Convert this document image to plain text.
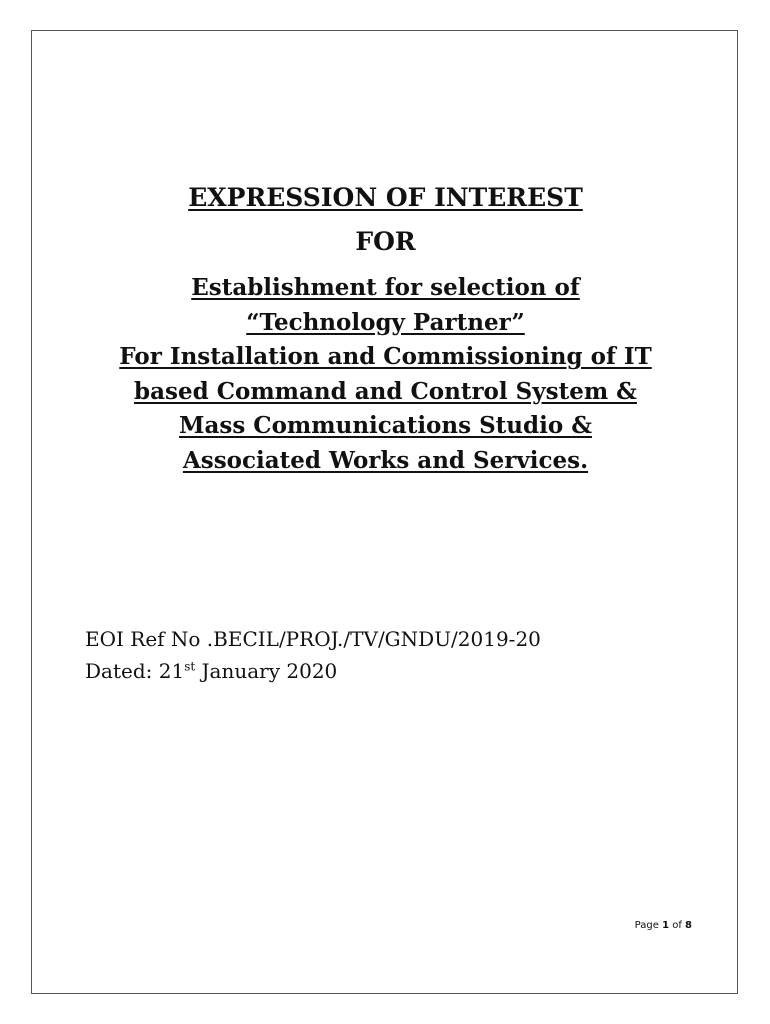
EXPRESSION OF INTEREST
FOR
Establishment for selection of
“Technology Partner”
For Installation and Commissioning of IT
based Command and Control System &
Mass Communications Studio &
Associated Works and Services.
EOI Ref No .BECIL/PROJ./TV/GNDU/2019-20
Dated: 21st January 2020
Page 1 of 8
